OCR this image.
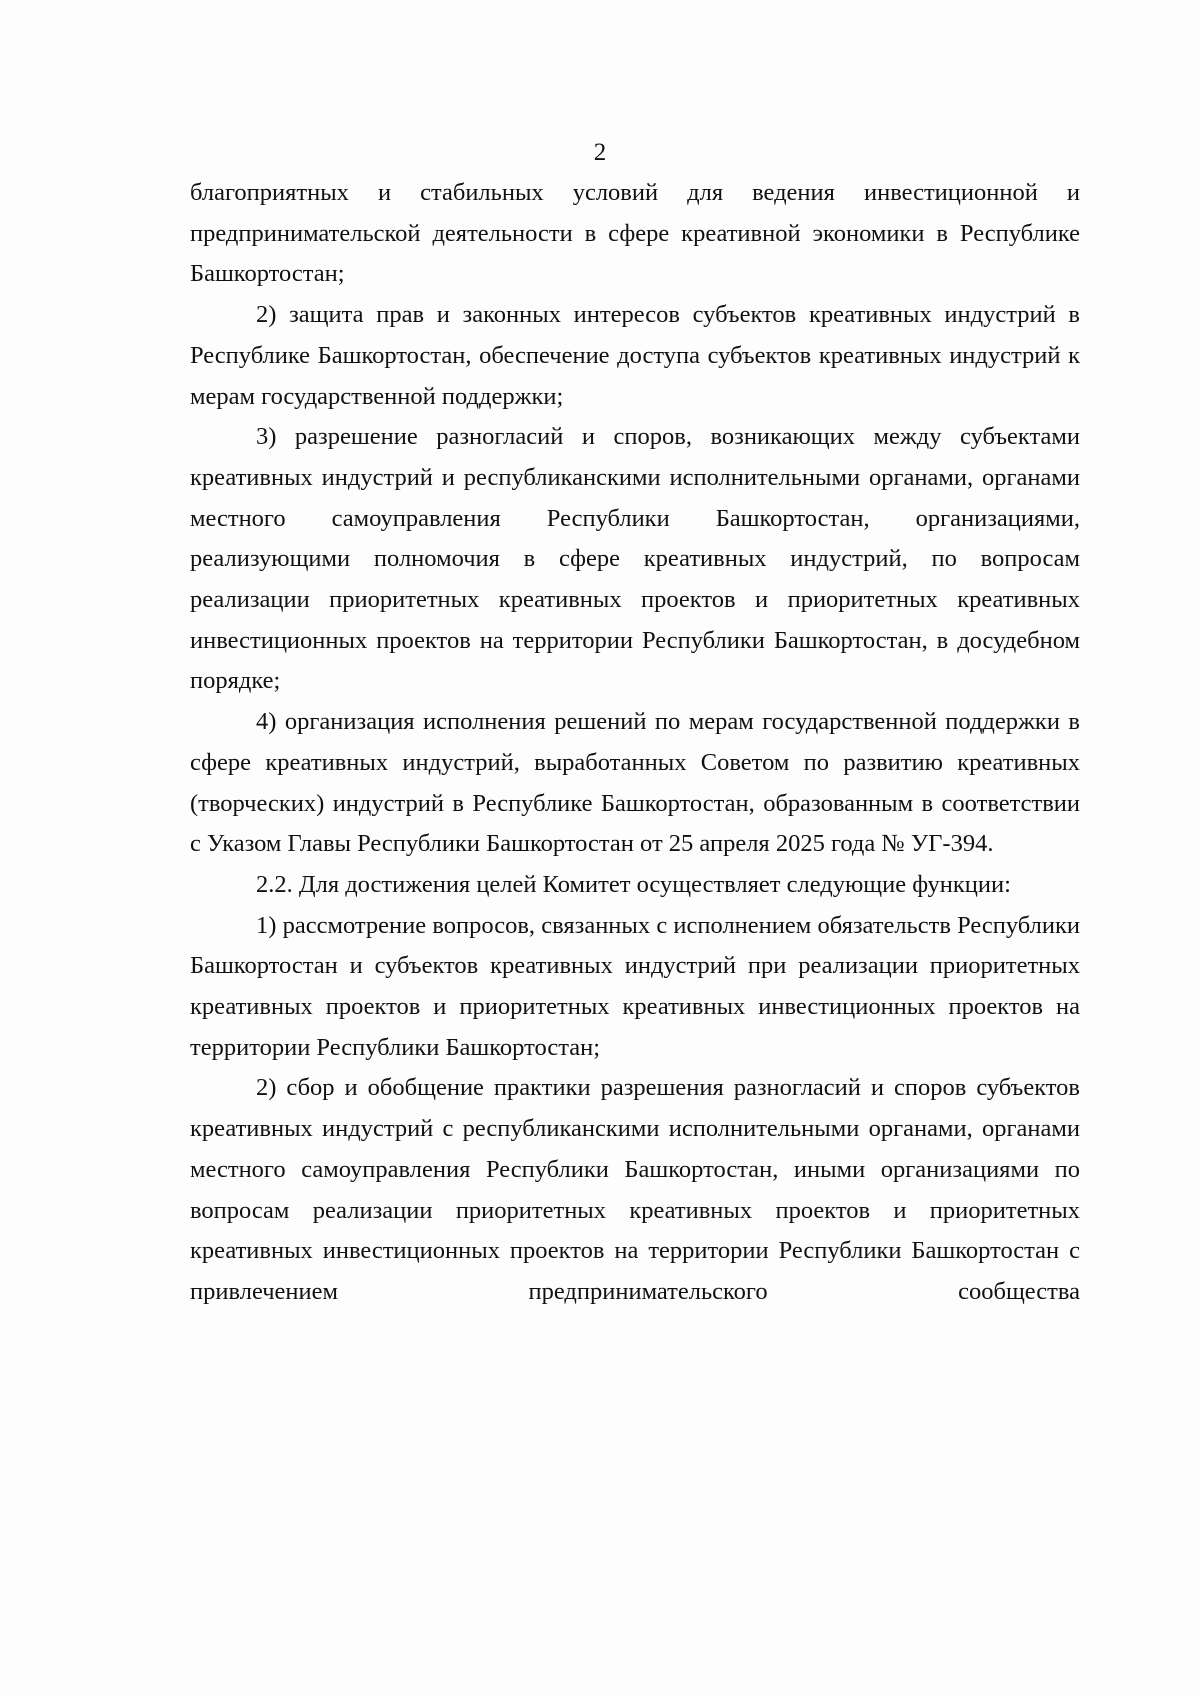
2

благоприятных и стабильных условий для ведения инвестиционной и предпринимательской деятельности в сфере креативной экономики в Республике Башкортостан;

2) защита прав и законных интересов субъектов креативных индустрий в Республике Башкортостан, обеспечение доступа субъектов креативных индустрий к мерам государственной поддержки;

3) разрешение разногласий и споров, возникающих между субъектами креативных индустрий и республиканскими исполнительными органами, органами местного самоуправления Республики Башкортостан, организациями, реализующими полномочия в сфере креативных индустрий, по вопросам реализации приоритетных креативных проектов и приоритетных креативных инвестиционных проектов на территории Республики Башкортостан, в досудебном порядке;

4) организация исполнения решений по мерам государственной поддержки в сфере креативных индустрий, выработанных Советом по развитию креативных (творческих) индустрий в Республике Башкортостан, образованным в соответствии с Указом Главы Республики Башкортостан от 25 апреля 2025 года № УГ-394.

2.2. Для достижения целей Комитет осуществляет следующие функции:

1) рассмотрение вопросов, связанных с исполнением обязательств Республики Башкортостан и субъектов креативных индустрий при реализации приоритетных креативных проектов и приоритетных креативных инвестиционных проектов на территории Республики Башкортостан;

2) сбор и обобщение практики разрешения разногласий и споров субъектов креативных индустрий с республиканскими исполнительными органами, органами местного самоуправления Республики Башкортостан, иными организациями по вопросам реализации приоритетных креативных проектов и приоритетных креативных инвестиционных проектов на территории Республики Башкортостан с привлечением предпринимательского сообщества
